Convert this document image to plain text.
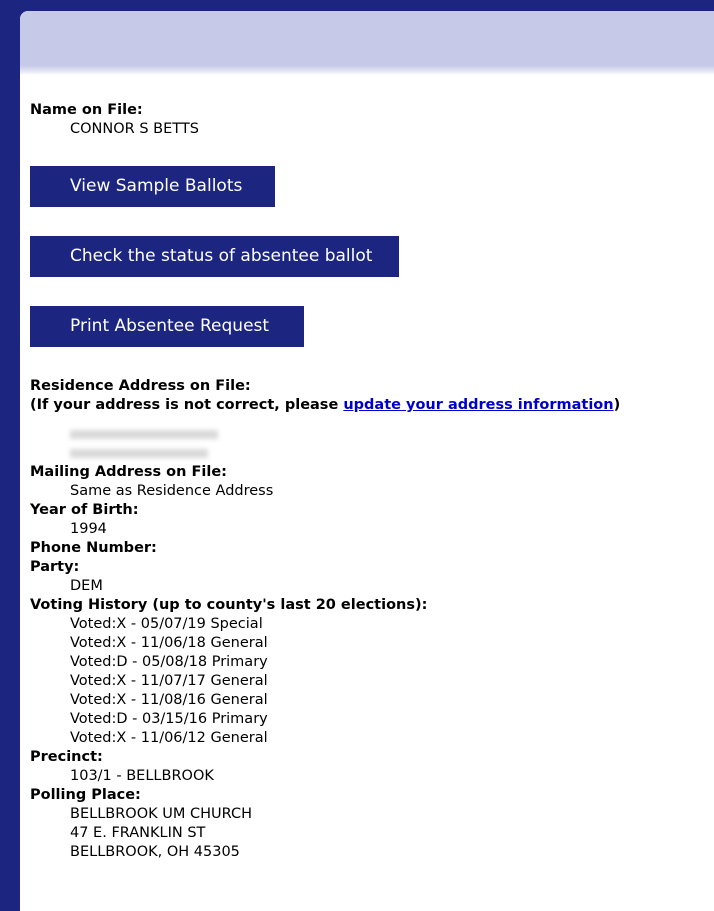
Name on File:
CONNOR S BETTS
View Sample Ballots
Check the status of absentee ballot
Print Absentee Request
Residence Address on File:
(If your address is not correct, please update your address information)
Mailing Address on File:
Same as Residence Address
Year of Birth:
1994
Phone Number:
Party:
DEM
Voting History (up to county's last 20 elections):
Voted:X - 05/07/19 Special
Voted:X - 11/06/18 General
Voted:D - 05/08/18 Primary
Voted:X - 11/07/17 General
Voted:X - 11/08/16 General
Voted:D - 03/15/16 Primary
Voted:X - 11/06/12 General
Precinct:
103/1 - BELLBROOK
Polling Place:
BELLBROOK UM CHURCH
47 E. FRANKLIN ST
BELLBROOK, OH 45305
